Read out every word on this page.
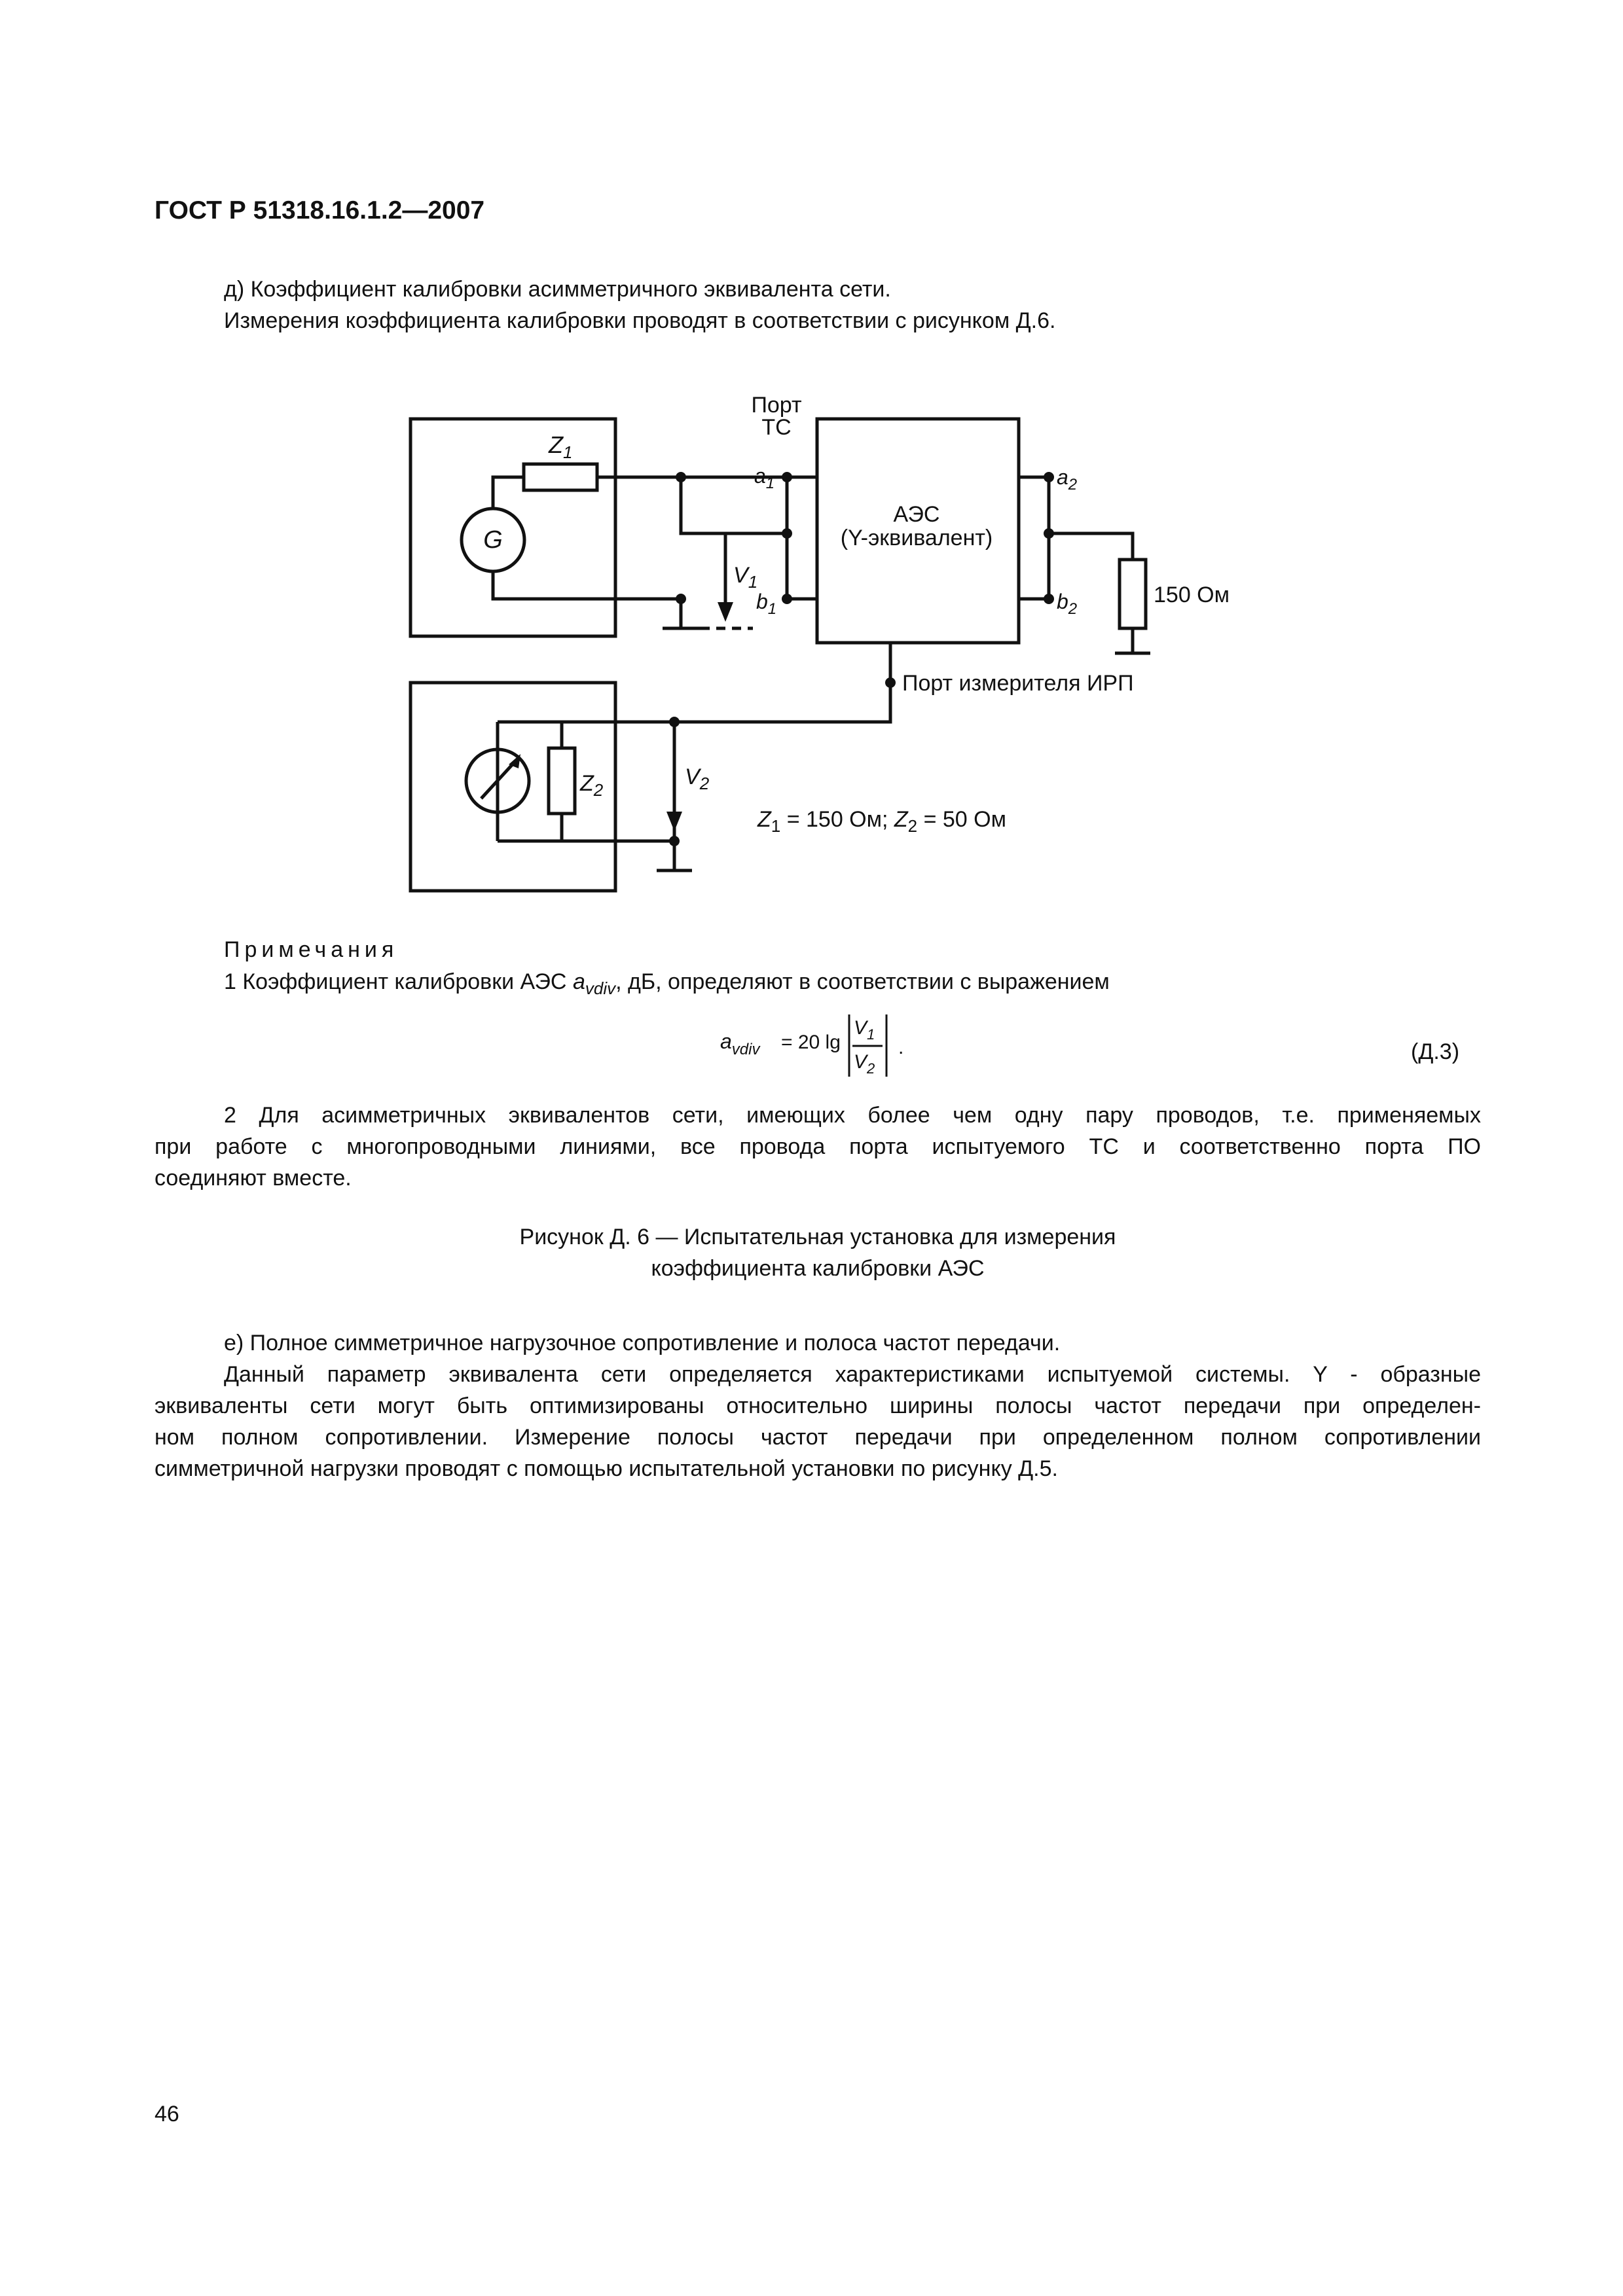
ГОСТ Р 51318.16.1.2—2007
д) Коэффициент калибровки асимметричного эквивалента сети.
Измерения коэффициента калибровки проводят в соответствии с рисунком Д.6.
$Z_1$
G
Порт
ТС
$a_1$
$b_1$
$V_1$
АЭС
(Y-эквивалент)
$a_2$
$b_2$
150 Ом
Порт измерителя ИРП
$Z_2$
$V_2$
$Z_1 = 150$ Ом; $Z_2 = 50$ Ом
Примечания
1 Коэффициент калибровки АЭС $a_{vdiv}$, дБ, определяют в соответствии с выражением
$a_{vdiv} = 20$ lg
$V_1$
$V_2$
.	(Д.3)
2 Для асимметричных эквивалентов сети, имеющих более чем одну пару проводов, т.е. применяемых
при работе с многопроводными линиями, все провода порта испытуемого ТС и соответственно порта ПО
соединяют вместе.
Рисунок Д. 6 — Испытательная установка для измерения
коэффициента калибровки АЭС
е) Полное симметричное нагрузочное сопротивление и полоса частот передачи.
Данный параметр эквивалента сети определяется характеристиками испытуемой системы. Y - образные
эквиваленты сети могут быть оптимизированы относительно ширины полосы частот передачи при определен-
ном полном сопротивлении. Измерение полосы частот передачи при определенном полном сопротивлении
симметричной нагрузки проводят с помощью испытательной установки по рисунку Д.5.
46
